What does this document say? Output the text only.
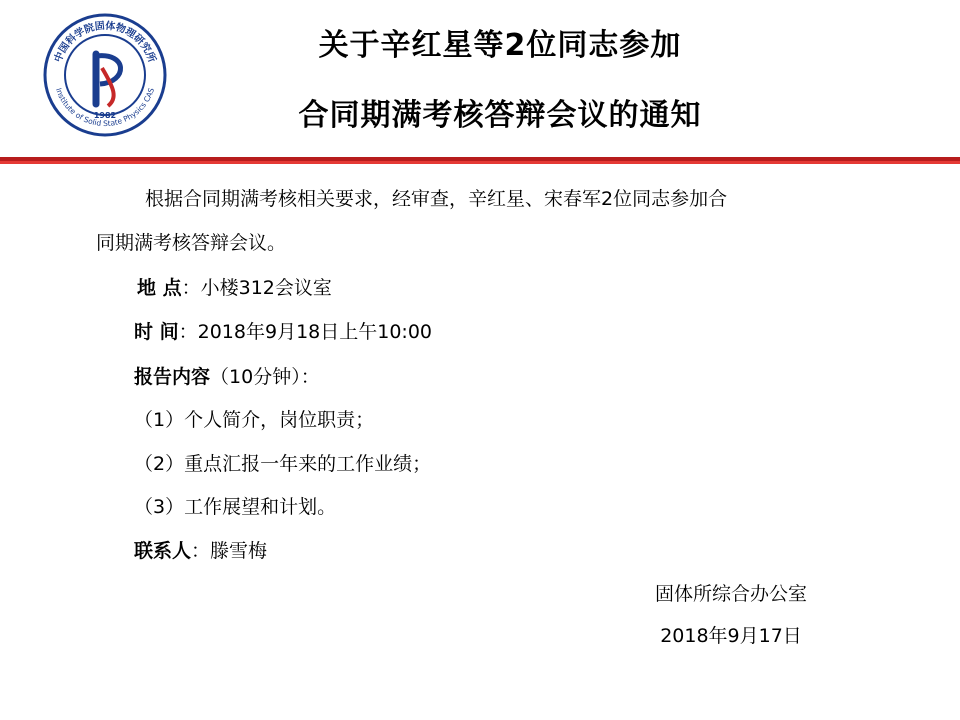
中国科学院固体物理研究所
Institute of Solid State Physics CAS
1982
关于辛红星等2位同志参加
合同期满考核答辩会议的通知
根据合同期满考核相关要求，经审查，辛红星、宋春军2位同志参加合
同期满考核答辩会议。
地 点：小楼312会议室
时 间：2018年9月18日上午10:00
报告内容（10分钟）：
（1）个人简介，岗位职责；
（2）重点汇报一年来的工作业绩；
（3）工作展望和计划。
联系人：滕雪梅
固体所综合办公室
2018年9月17日
